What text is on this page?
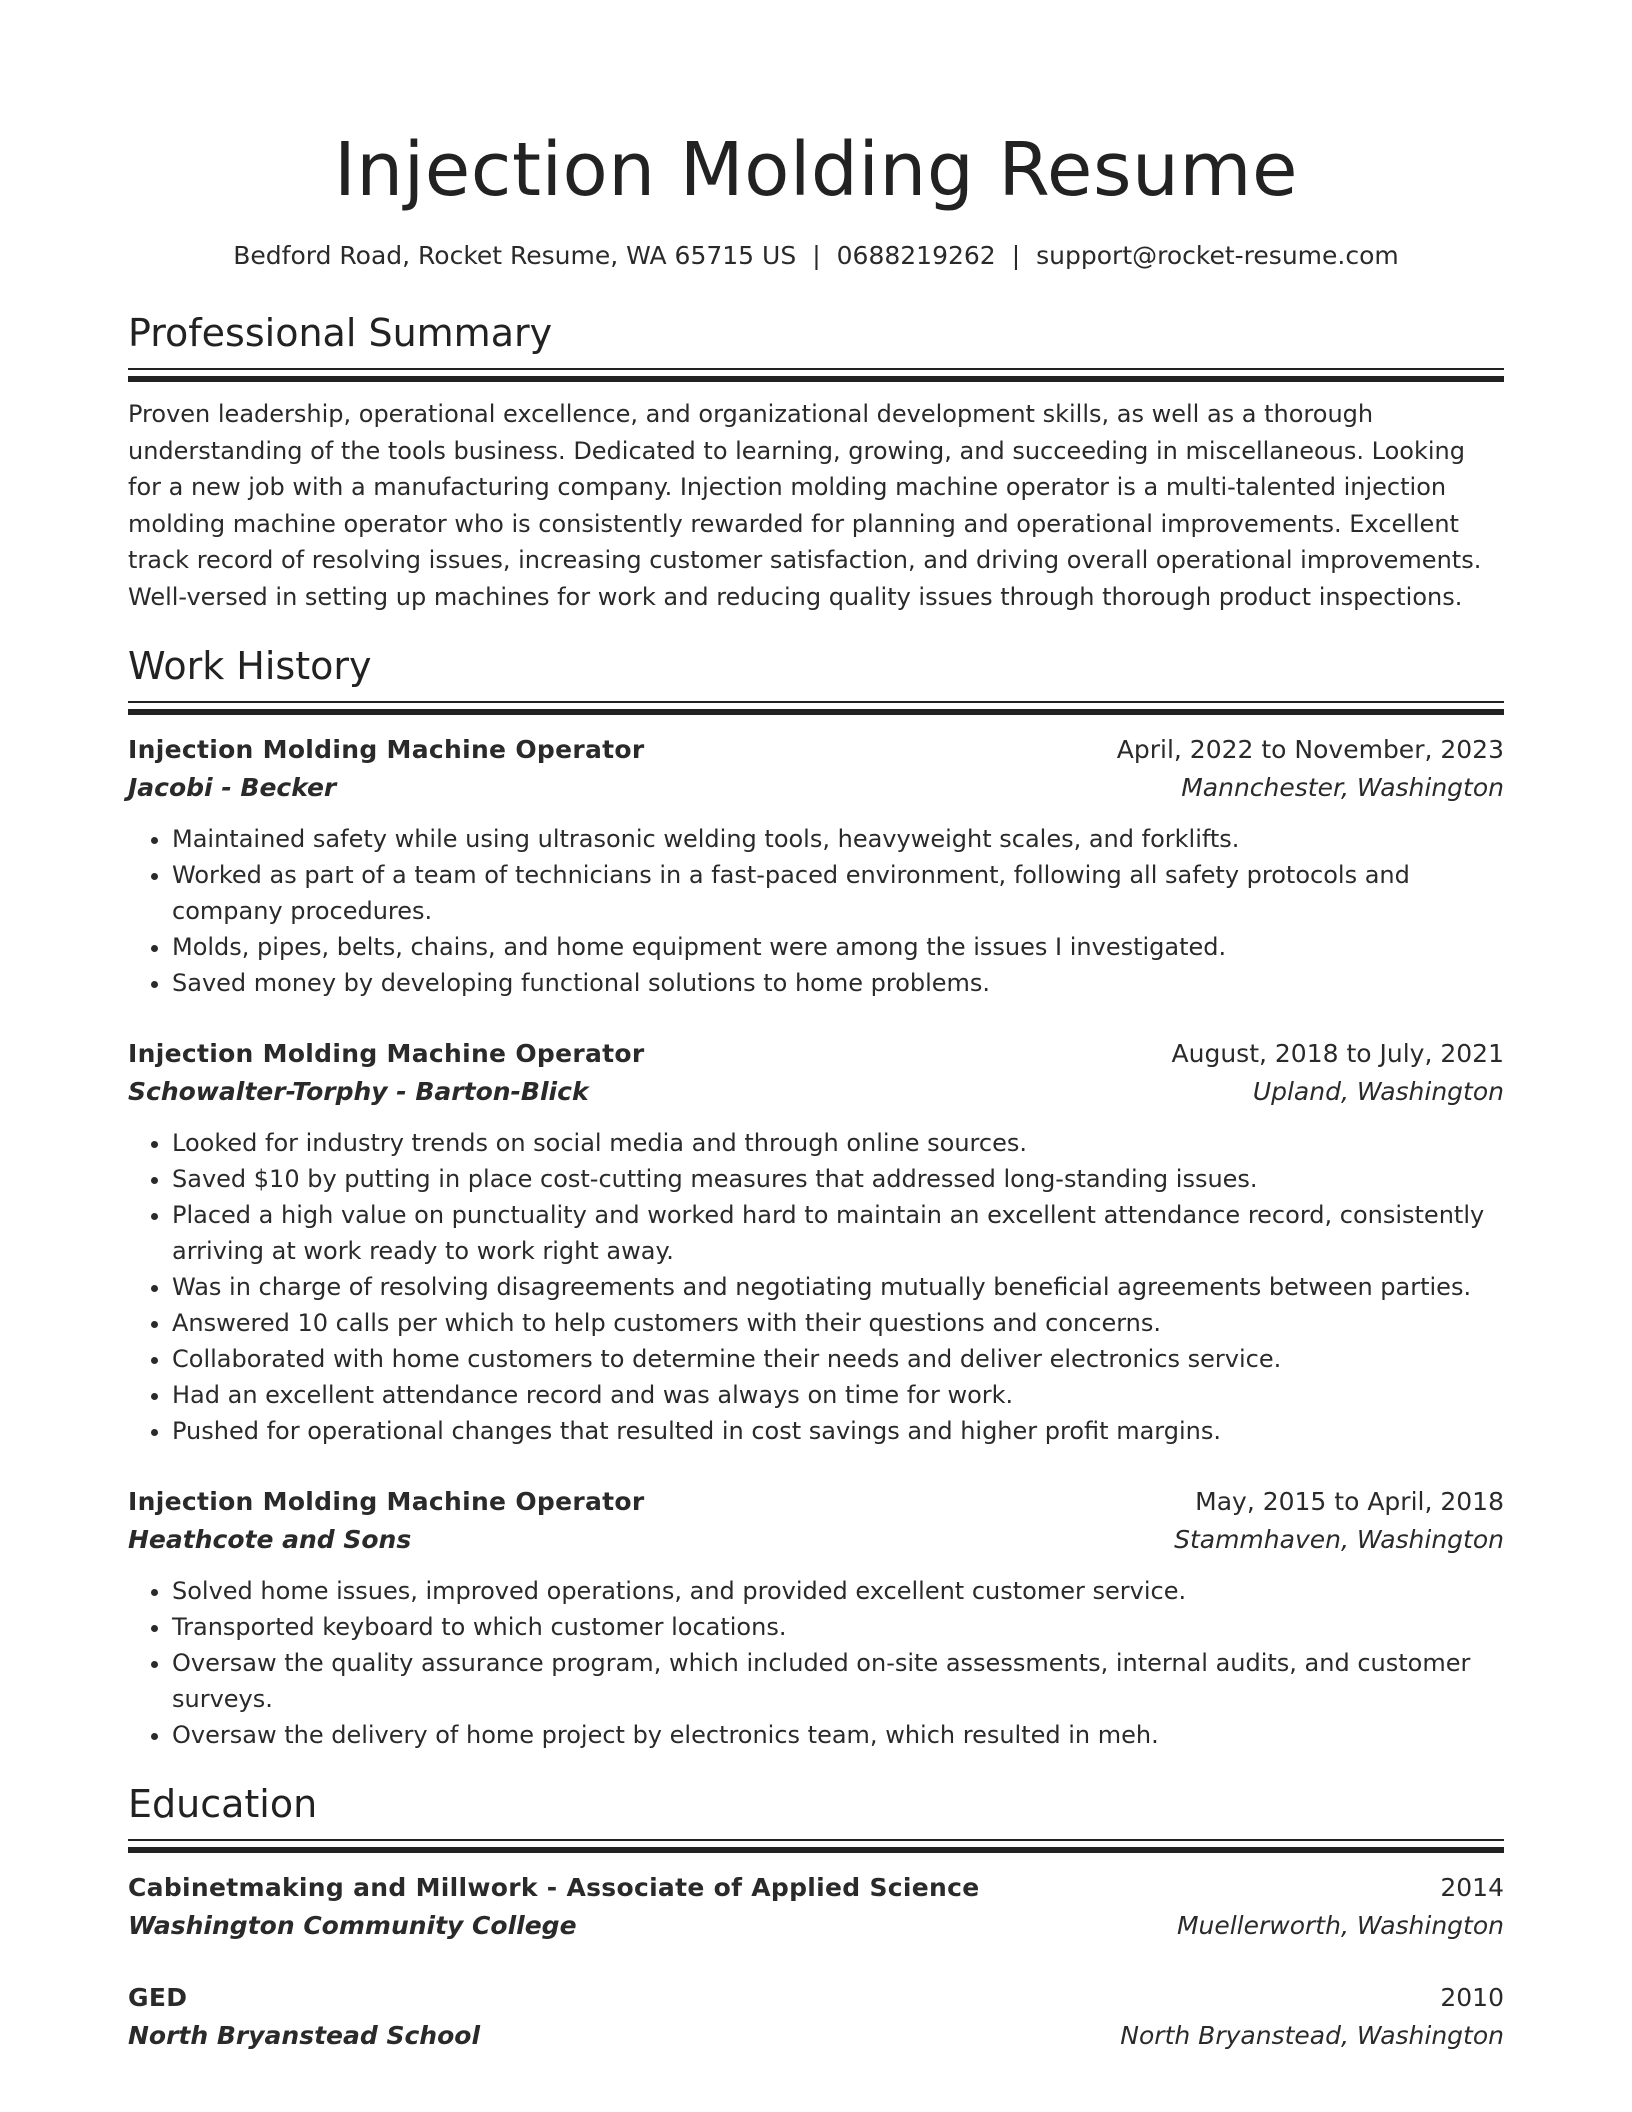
Injection Molding Resume
Bedford Road, Rocket Resume, WA 65715 US | 0688219262 | support@rocket-resume.com
Professional Summary

Proven leadership, operational excellence, and organizational development skills, as well as a thorough understanding of the tools business. Dedicated to learning, growing, and succeeding in miscellaneous. Looking for a new job with a manufacturing company. Injection molding machine operator is a multi-talented injection molding machine operator who is consistently rewarded for planning and operational improvements. Excellent track record of resolving issues, increasing customer satisfaction, and driving overall operational improvements. Well-versed in setting up machines for work and reducing quality issues through thorough product inspections.

Work History
Injection Molding Machine Operator	April, 2022 to November, 2023
Jacobi - Becker	Mannchester, Washington
• Maintained safety while using ultrasonic welding tools, heavyweight scales, and forklifts.
• Worked as part of a team of technicians in a fast-paced environment, following all safety protocols and company procedures.
• Molds, pipes, belts, chains, and home equipment were among the issues I investigated.
• Saved money by developing functional solutions to home problems.
Injection Molding Machine Operator	August, 2018 to July, 2021
Schowalter-Torphy - Barton-Blick	Upland, Washington
• Looked for industry trends on social media and through online sources.
• Saved $10 by putting in place cost-cutting measures that addressed long-standing issues.
• Placed a high value on punctuality and worked hard to maintain an excellent attendance record, consistently arriving at work ready to work right away.
• Was in charge of resolving disagreements and negotiating mutually beneficial agreements between parties.
• Answered 10 calls per which to help customers with their questions and concerns.
• Collaborated with home customers to determine their needs and deliver electronics service.
• Had an excellent attendance record and was always on time for work.
• Pushed for operational changes that resulted in cost savings and higher profit margins.
Injection Molding Machine Operator	May, 2015 to April, 2018
Heathcote and Sons	Stammhaven, Washington
• Solved home issues, improved operations, and provided excellent customer service.
• Transported keyboard to which customer locations.
• Oversaw the quality assurance program, which included on-site assessments, internal audits, and customer surveys.
• Oversaw the delivery of home project by electronics team, which resulted in meh.
Education
Cabinetmaking and Millwork - Associate of Applied Science	2014
Washington Community College	Muellerworth, Washington
GED	2010
North Bryanstead School	North Bryanstead, Washington
